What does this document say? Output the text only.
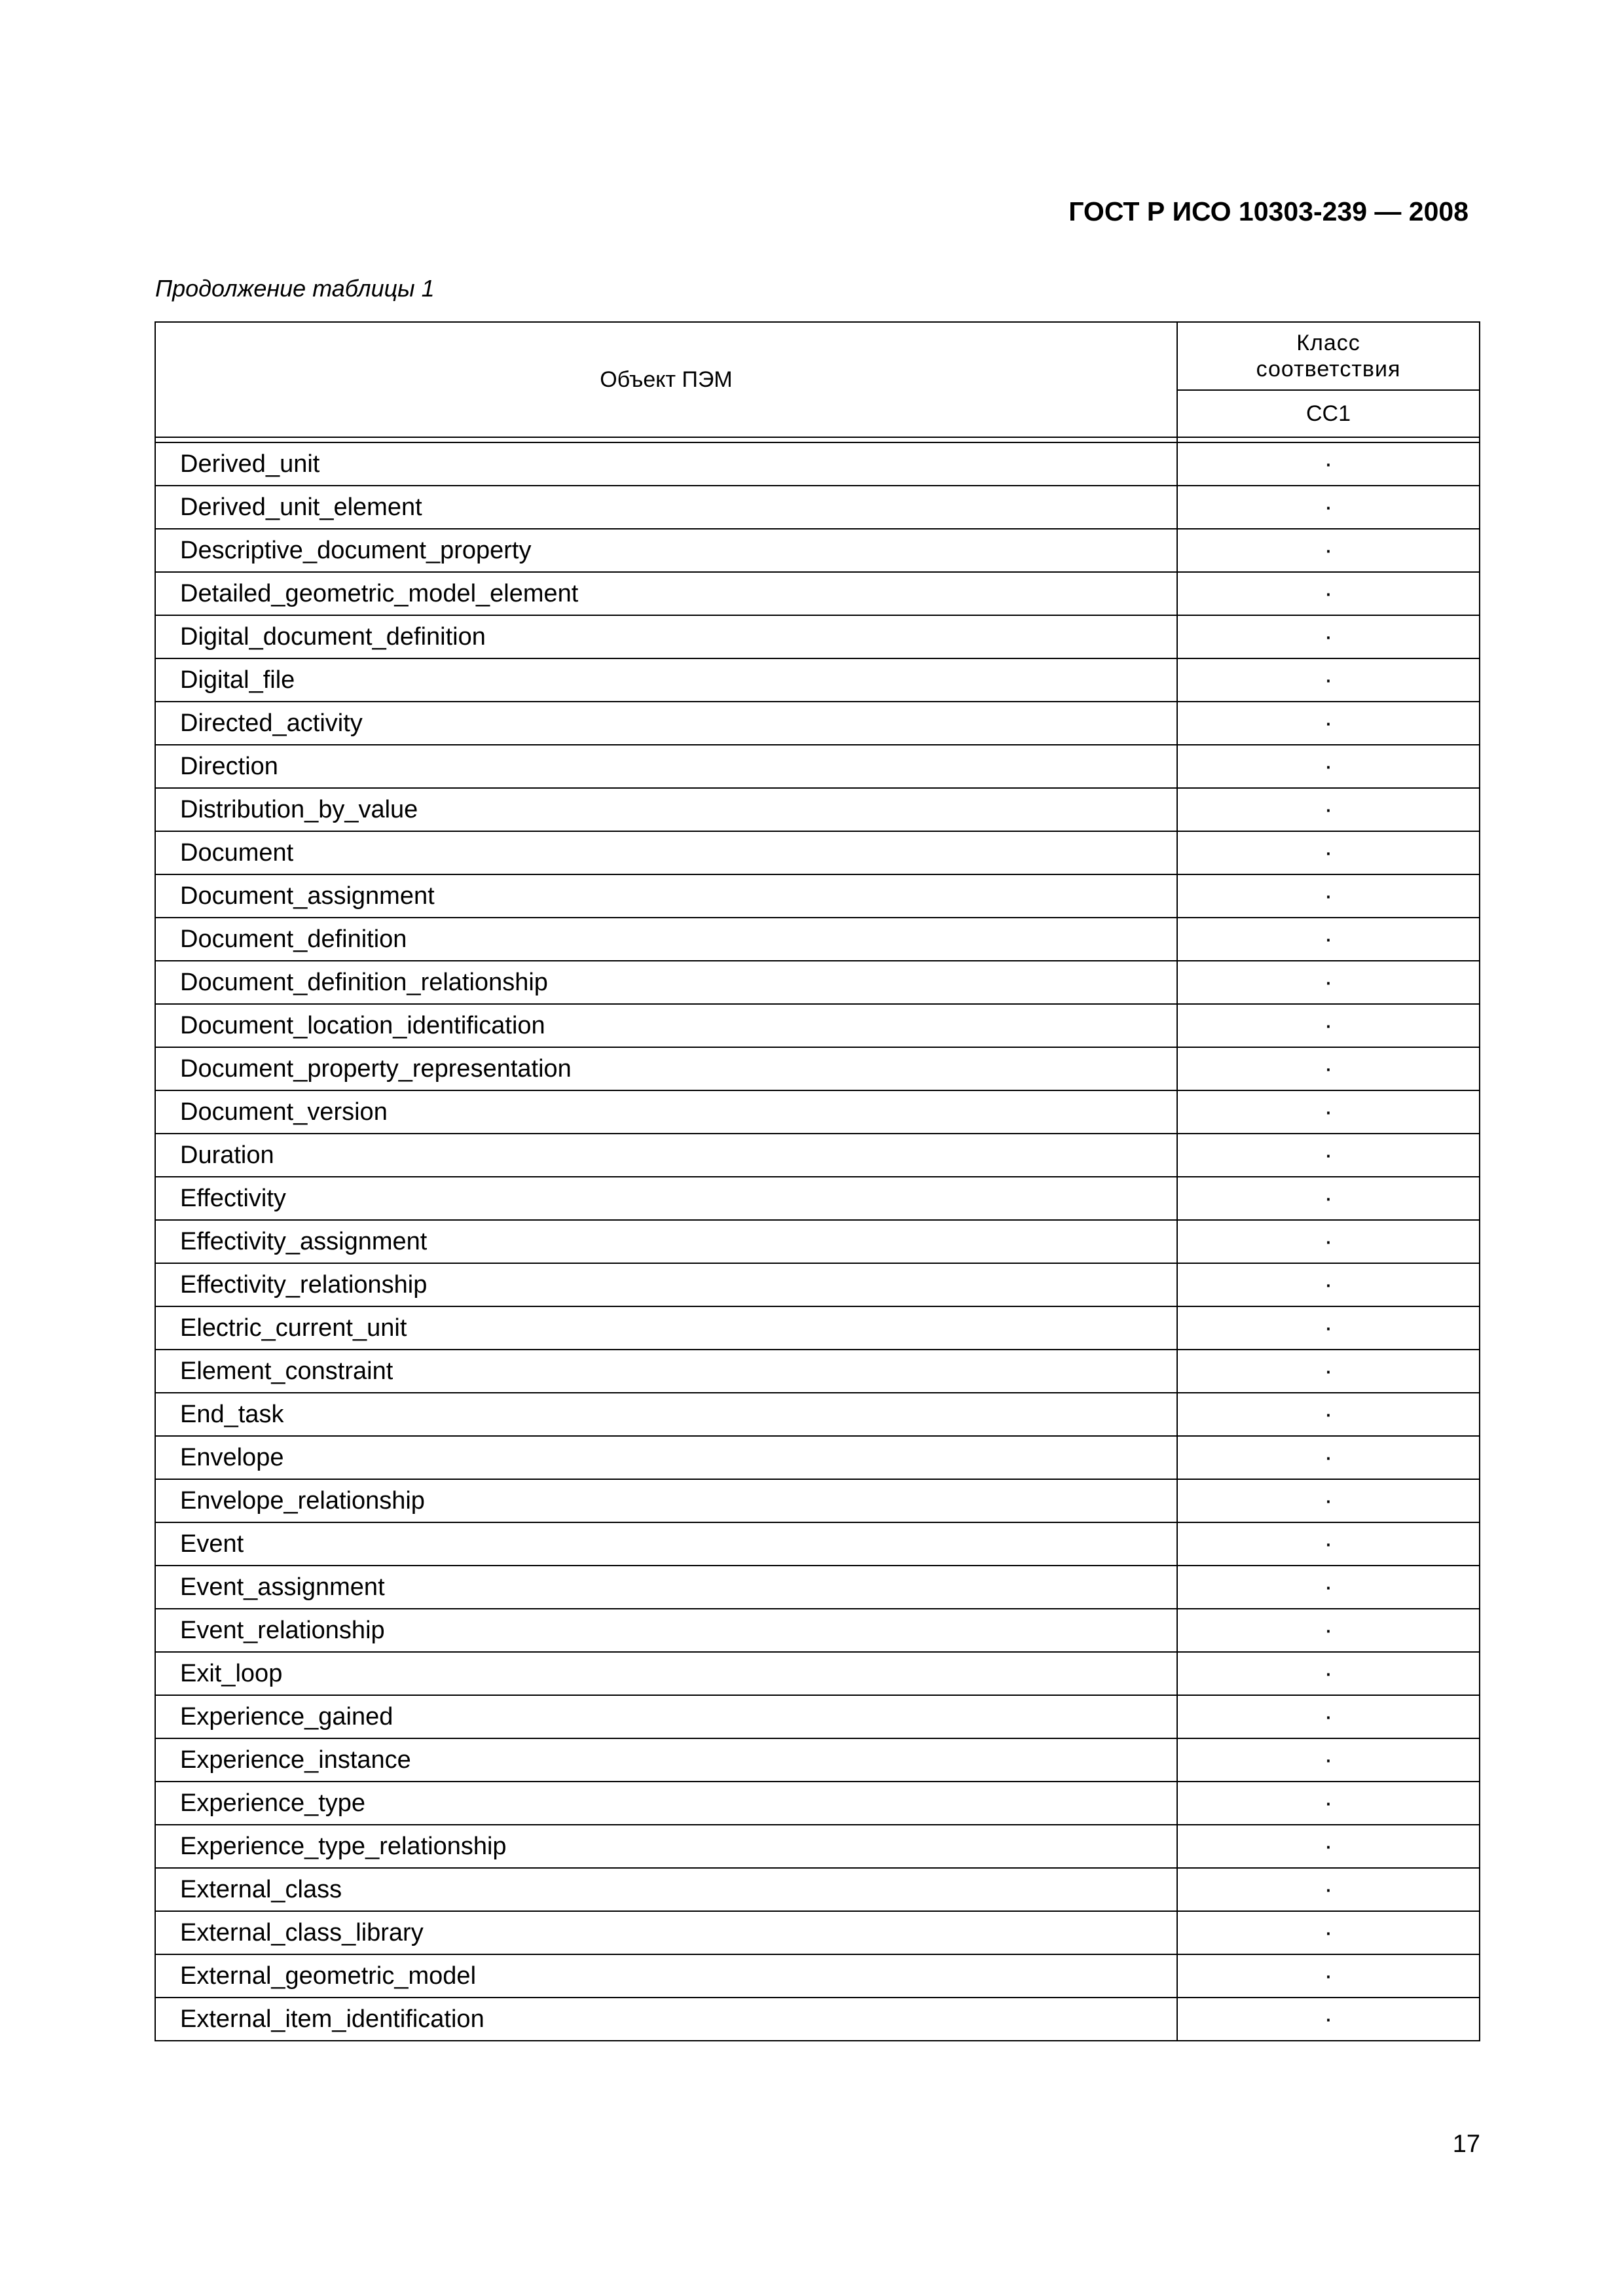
ГОСТ Р ИСО 10303-239 — 2008
Продолжение таблицы 1
Объект ПЭМ	Класс
соответствия
	CC1

Derived_unit	·
Derived_unit_element	·
Descriptive_document_property	·
Detailed_geometric_model_element	·
Digital_document_definition	·
Digital_file	·
Directed_activity	·
Direction	·
Distribution_by_value	·
Document	·
Document_assignment	·
Document_definition	·
Document_definition_relationship	·
Document_location_identification	·
Document_property_representation	·
Document_version	·
Duration	·
Effectivity	·
Effectivity_assignment	·
Effectivity_relationship	·
Electric_current_unit	·
Element_constraint	·
End_task	·
Envelope	·
Envelope_relationship	·
Event	·
Event_assignment	·
Event_relationship	·
Exit_loop	·
Experience_gained	·
Experience_instance	·
Experience_type	·
Experience_type_relationship	·
External_class	·
External_class_library	·
External_geometric_model	·
External_item_identification	·
17
